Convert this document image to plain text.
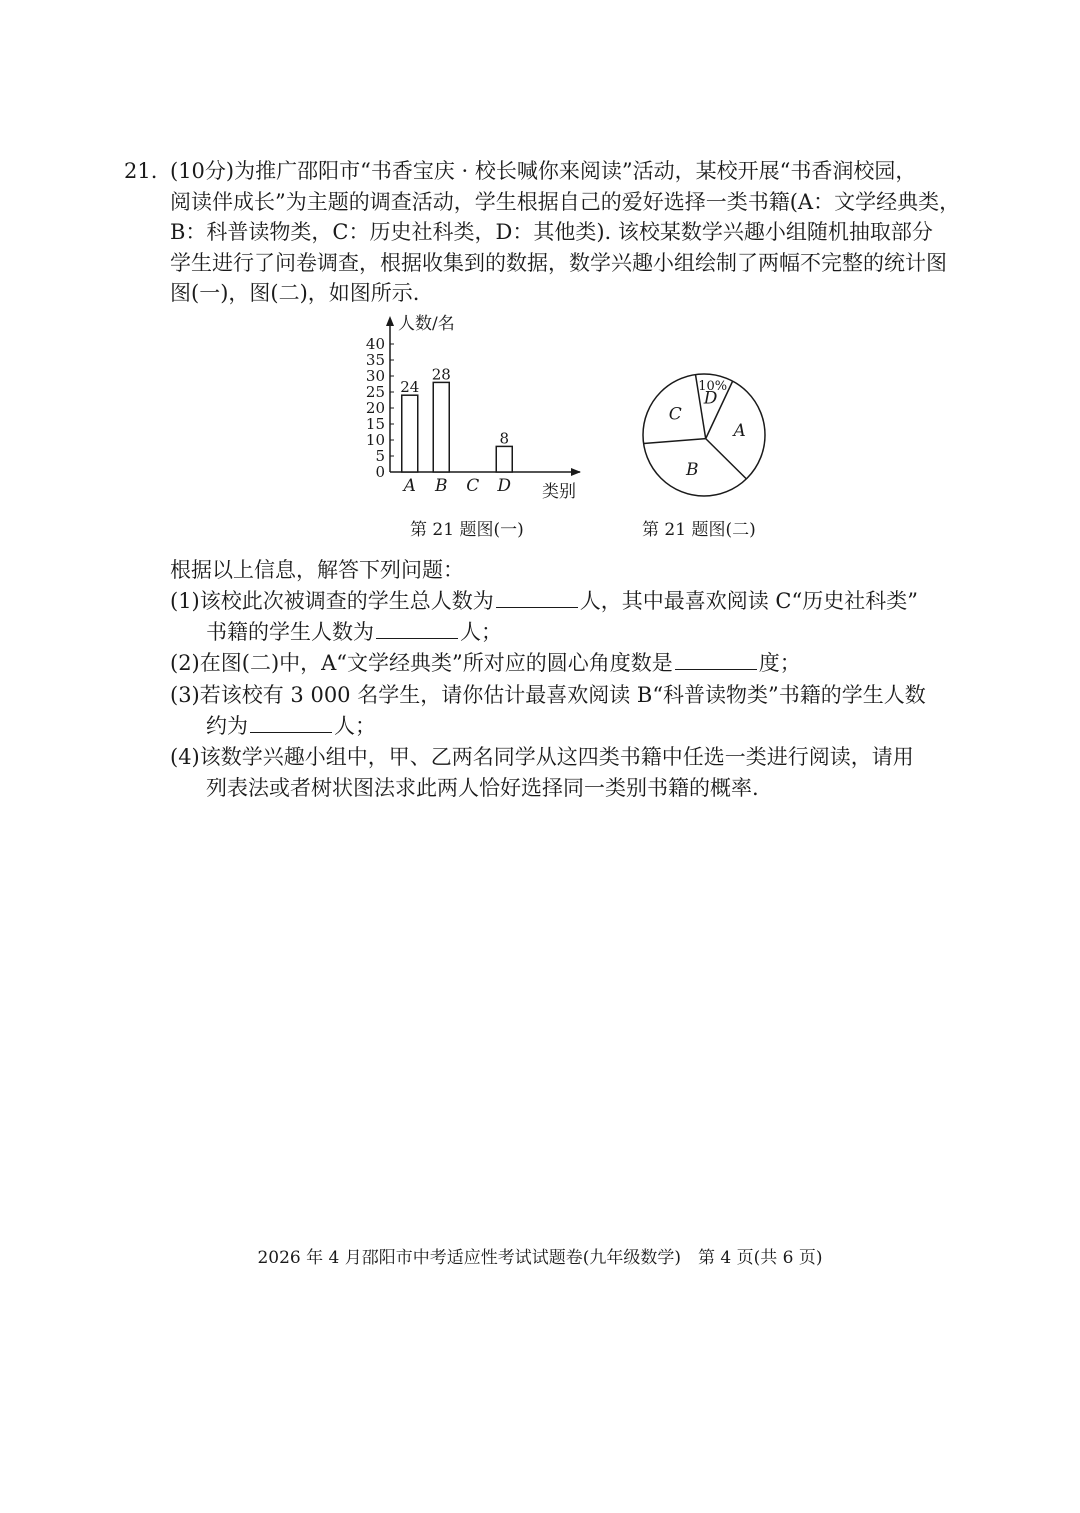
21. (10分)为推广邵阳市“书香宝庆 · 校长喊你来阅读”活动，某校开展“书香润校园，
阅读伴成长”为主题的调查活动，学生根据自己的爱好选择一类书籍(A：文学经典类，
B：科普读物类，C：历史社科类，D：其他类). 该校某数学兴趣小组随机抽取部分
学生进行了问卷调查，根据收集到的数据，数学兴趣小组绘制了两幅不完整的统计图
图(一)，图(二)，如图所示.
人数/名
类别
0
5
10
15
20
25
30
35
40
A
24
B
28
C D
8
第 21 题图(一)
A
B
C
D
10%
第 21 题图(二)
根据以上信息，解答下列问题：
(1)该校此次被调查的学生总人数为	人，其中最喜欢阅读 C“历史社科类”
书籍的学生人数为	人；
(2)在图(二)中，A“文学经典类”所对应的圆心角度数是	度；
(3)若该校有 3 000 名学生，请你估计最喜欢阅读 B“科普读物类”书籍的学生人数
约为	人；
(4)该数学兴趣小组中，甲、乙两名同学从这四类书籍中任选一类进行阅读，请用
列表法或者树状图法求此两人恰好选择同一类别书籍的概率.
2026 年 4 月邵阳市中考适应性考试试题卷(九年级数学)　第 4 页(共 6 页)
